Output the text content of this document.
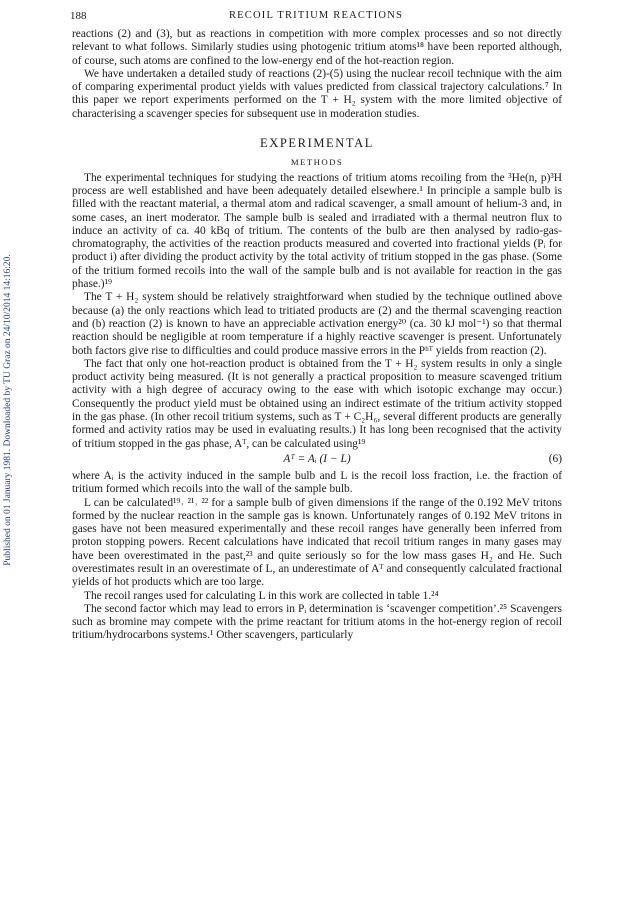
188	RECOIL TRITIUM REACTIONS
Published on 01 January 1981. Downloaded by TU Graz on 24/10/2014 14:16:20.

reactions (2) and (3), but as reactions in competition with more complex processes and so not directly relevant to what follows. Similarly studies using photogenic tritium atoms¹⁸ have been reported although, of course, such atoms are confined to the low-energy end of the hot-reaction region.

We have undertaken a detailed study of reactions (2)-(5) using the nuclear recoil technique with the aim of comparing experimental product yields with values predicted from classical trajectory calculations.⁷ In this paper we report experiments performed on the T + H₂ system with the more limited objective of characterising a scavenger species for subsequent use in moderation studies.

EXPERIMENTAL

METHODS

The experimental techniques for studying the reactions of tritium atoms recoiling from the ³He(n, p)³H process are well established and have been adequately detailed elsewhere.¹ In principle a sample bulb is filled with the reactant material, a thermal atom and radical scavenger, a small amount of helium-3 and, in some cases, an inert moderator. The sample bulb is sealed and irradiated with a thermal neutron flux to induce an activity of ca. 40 kBq of tritium. The contents of the bulb are then analysed by radio-gas-chromatography, the activities of the reaction products measured and coverted into fractional yields (Pᵢ for product i) after dividing the product activity by the total activity of tritium stopped in the gas phase. (Some of the tritium formed recoils into the wall of the sample bulb and is not available for reaction in the gas phase.)¹⁹

The T + H₂ system should be relatively straightforward when studied by the technique outlined above because (a) the only reactions which lead to tritiated products are (2) and the thermal scavenging reaction and (b) reaction (2) is known to have an appreciable activation energy²⁰ (ca. 30 kJ mol⁻¹) so that thermal reaction should be negligible at room temperature if a highly reactive scavenger is present. Unfortunately both factors give rise to difficulties and could produce massive errors in the Pʰᵀ yields from reaction (2).

The fact that only one hot-reaction product is obtained from the T + H₂ system results in only a single product activity being measured. (It is not generally a practical proposition to measure scavenged tritium activity with a high degree of accuracy owing to the ease with which isotopic exchange may occur.) Consequently the product yield must be obtained using an indirect estimate of the tritium activity stopped in the gas phase. (In other recoil tritium systems, such as T + C₂H₆, several different products are generally formed and activity ratios may be used in evaluating results.) It has long been recognised that the activity of tritium stopped in the gas phase, Aᵀ, can be calculated using¹⁹

Aᵀ = Aᵢ (I − L)	(6)

where Aᵢ is the activity induced in the sample bulb and L is the recoil loss fraction, i.e. the fraction of tritium formed which recoils into the wall of the sample bulb.

L can be calculated¹⁹˒ ²¹˒ ²² for a sample bulb of given dimensions if the range of the 0.192 MeV tritons formed by the nuclear reaction in the sample gas is known. Unfortunately ranges of 0.192 MeV tritons in gases have not been measured experimentally and these recoil ranges have generally been inferred from proton stopping powers. Recent calculations have indicated that recoil tritium ranges in many gases may have been overestimated in the past,²³ and quite seriously so for the low mass gases H₂ and He. Such overestimates result in an overestimate of L, an underestimate of Aᵀ and consequently calculated fractional yields of hot products which are too large.

The recoil ranges used for calculating L in this work are collected in table 1.²⁴

The second factor which may lead to errors in Pᵢ determination is ‘scavenger competition’.²⁵ Scavengers such as bromine may compete with the prime reactant for tritium atoms in the hot-energy region of recoil tritium/hydrocarbons systems.¹ Other scavengers, particularly
